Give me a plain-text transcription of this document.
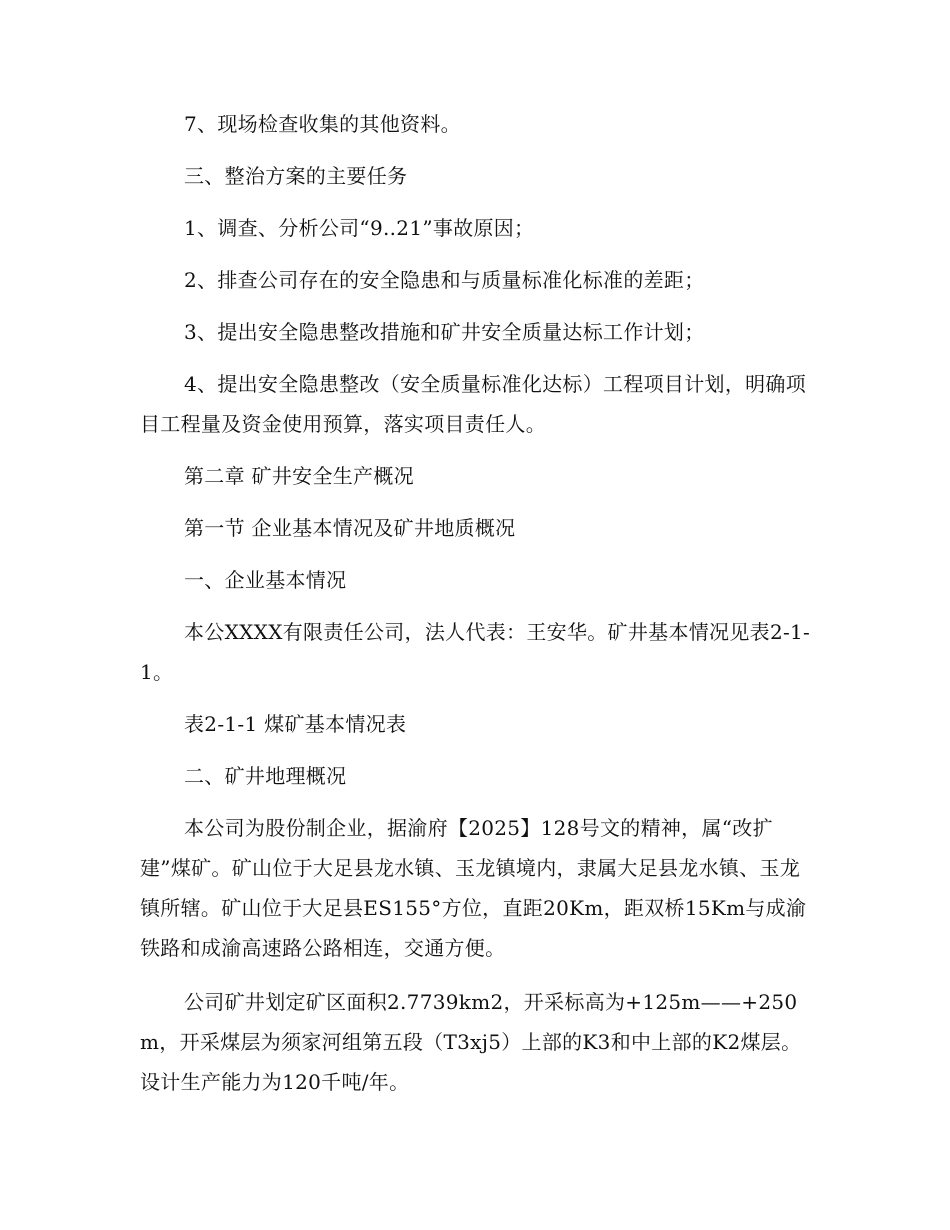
7、现场检查收集的其他资料。

三、整治方案的主要任务

1、调查、分析公司“9..21”事故原因；

2、排查公司存在的安全隐患和与质量标准化标准的差距；

3、提出安全隐患整改措施和矿井安全质量达标工作计划；

4、提出安全隐患整改（安全质量标准化达标）工程项目计划，明确项目工程量及资金使用预算，落实项目责任人。

第二章 矿井安全生产概况

第一节 企业基本情况及矿井地质概况

一、企业基本情况

本公XXXX有限责任公司，法人代表：王安华。矿井基本情况见表2-1-1。

表2-1-1 煤矿基本情况表

二、矿井地理概况

本公司为股份制企业，据渝府【2025】128号文的精神，属“改扩建”煤矿。矿山位于大足县龙水镇、玉龙镇境内，隶属大足县龙水镇、玉龙镇所辖。矿山位于大足县ES155°方位，直距20Km，距双桥15Km与成渝铁路和成渝高速路公路相连，交通方便。

公司矿井划定矿区面积2.7739km2，开采标高为+125m——+250m，开采煤层为须家河组第五段（T3xj5）上部的K3和中上部的K2煤层。设计生产能力为120千吨/年。
